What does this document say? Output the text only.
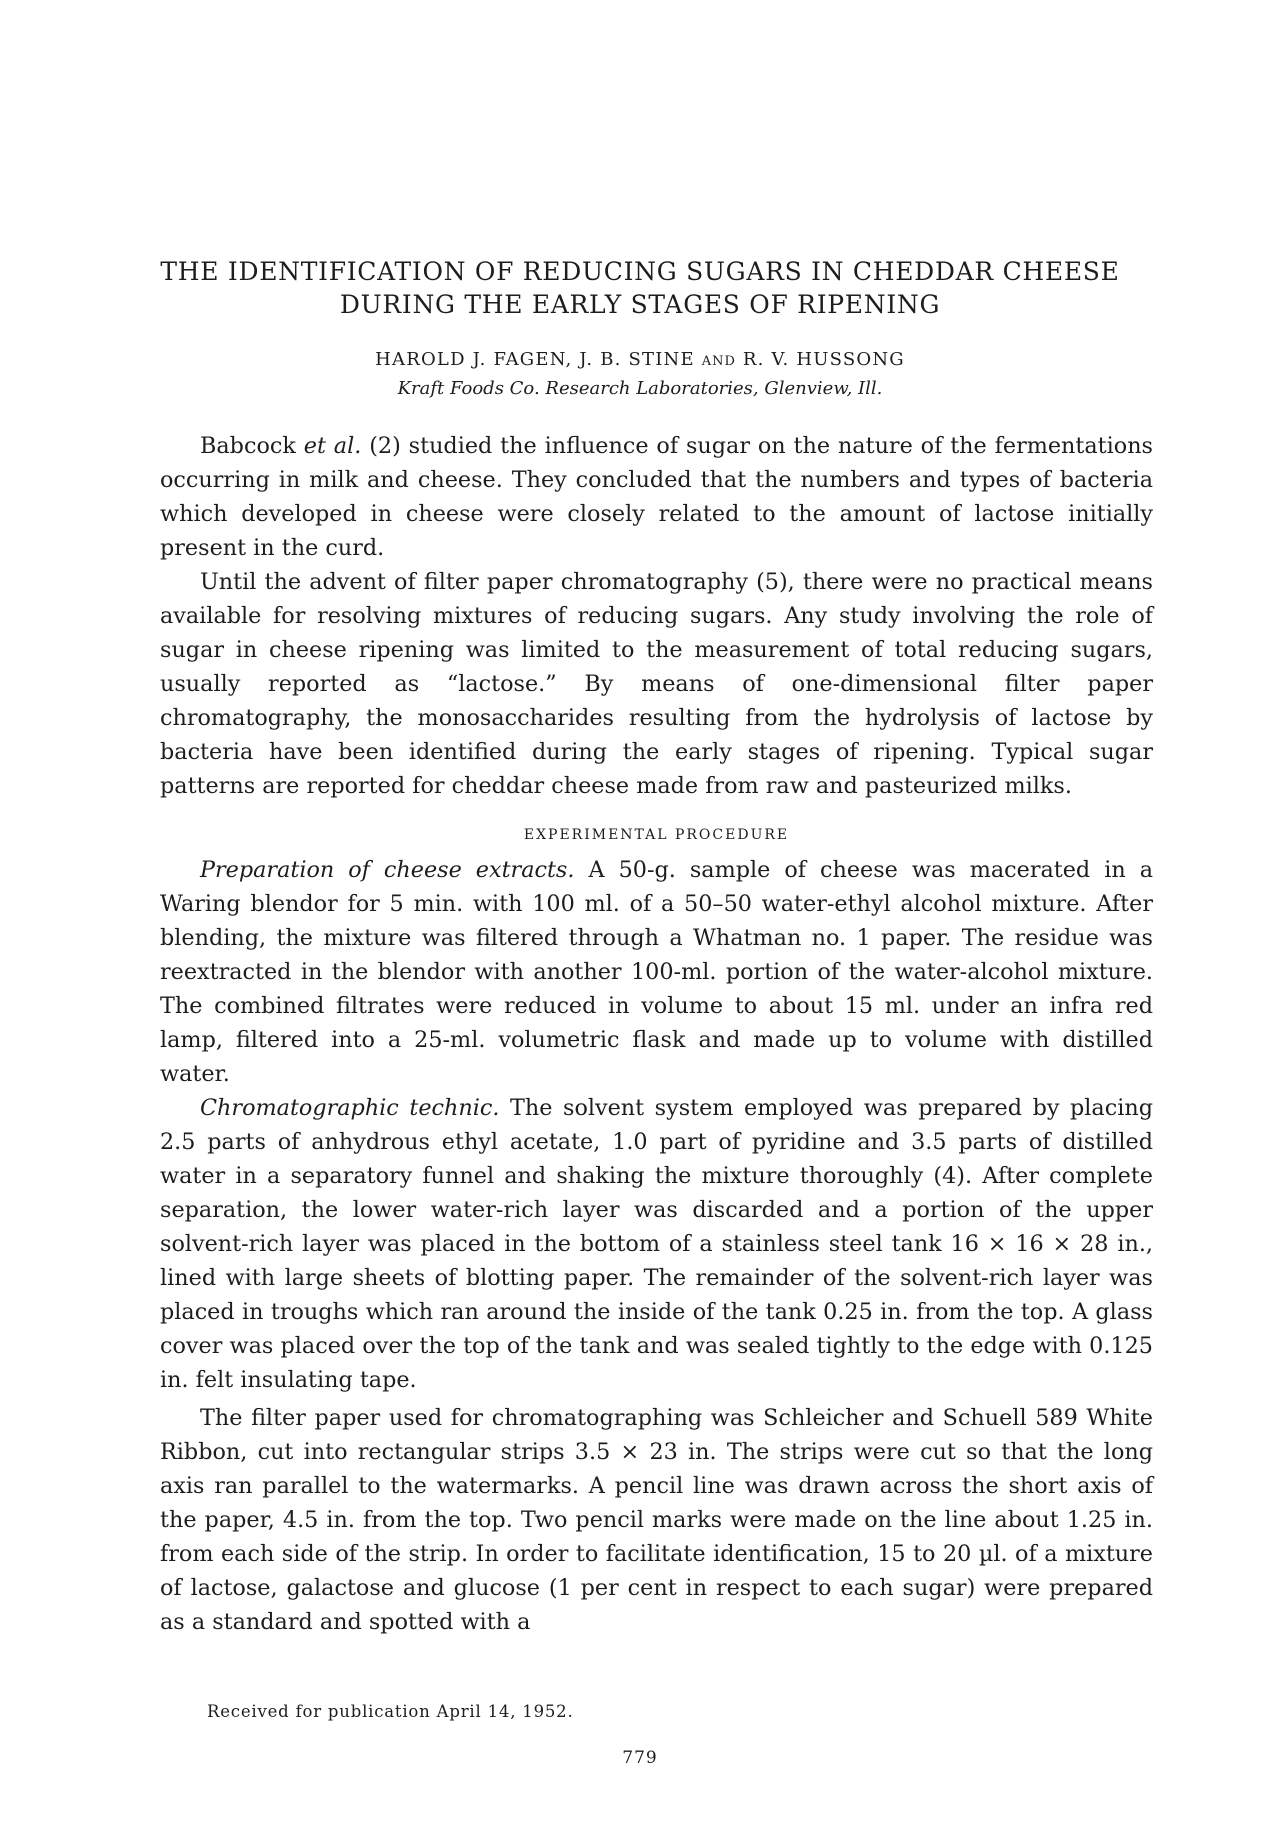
THE IDENTIFICATION OF REDUCING SUGARS IN CHEDDAR CHEESE
DURING THE EARLY STAGES OF RIPENING
HAROLD J. FAGEN, J. B. STINE AND R. V. HUSSONG
Kraft Foods Co. Research Laboratories, Glenview, Ill.

Babcock et al. (2) studied the influence of sugar on the nature of the fermentations occurring in milk and cheese. They concluded that the numbers and types of bacteria which developed in cheese were closely related to the amount of lactose initially present in the curd.

Until the advent of filter paper chromatography (5), there were no practical means available for resolving mixtures of reducing sugars. Any study involving the role of sugar in cheese ripening was limited to the measurement of total reducing sugars, usually reported as “lactose.” By means of one-dimensional filter paper chromatography, the monosaccharides resulting from the hydrolysis of lactose by bacteria have been identified during the early stages of ripening. Typical sugar patterns are reported for cheddar cheese made from raw and pasteurized milks.

EXPERIMENTAL PROCEDURE

Preparation of cheese extracts. A 50-g. sample of cheese was macerated in a Waring blendor for 5 min. with 100 ml. of a 50–50 water-ethyl alcohol mixture. After blending, the mixture was filtered through a Whatman no. 1 paper. The residue was reextracted in the blendor with another 100-ml. portion of the water-alcohol mixture. The combined filtrates were reduced in volume to about 15 ml. under an infra red lamp, filtered into a 25-ml. volumetric flask and made up to volume with distilled water.

Chromatographic technic. The solvent system employed was prepared by placing 2.5 parts of anhydrous ethyl acetate, 1.0 part of pyridine and 3.5 parts of distilled water in a separatory funnel and shaking the mixture thoroughly (4). After complete separation, the lower water-rich layer was discarded and a portion of the upper solvent-rich layer was placed in the bottom of a stainless steel tank 16 × 16 × 28 in., lined with large sheets of blotting paper. The remainder of the solvent-rich layer was placed in troughs which ran around the inside of the tank 0.25 in. from the top. A glass cover was placed over the top of the tank and was sealed tightly to the edge with 0.125 in. felt insulating tape.

The filter paper used for chromatographing was Schleicher and Schuell 589 White Ribbon, cut into rectangular strips 3.5 × 23 in. The strips were cut so that the long axis ran parallel to the watermarks. A pencil line was drawn across the short axis of the paper, 4.5 in. from the top. Two pencil marks were made on the line about 1.25 in. from each side of the strip. In order to facilitate identification, 15 to 20 µl. of a mixture of lactose, galactose and glucose (1 per cent in respect to each sugar) were prepared as a standard and spotted with a

Received for publication April 14, 1952.
779
